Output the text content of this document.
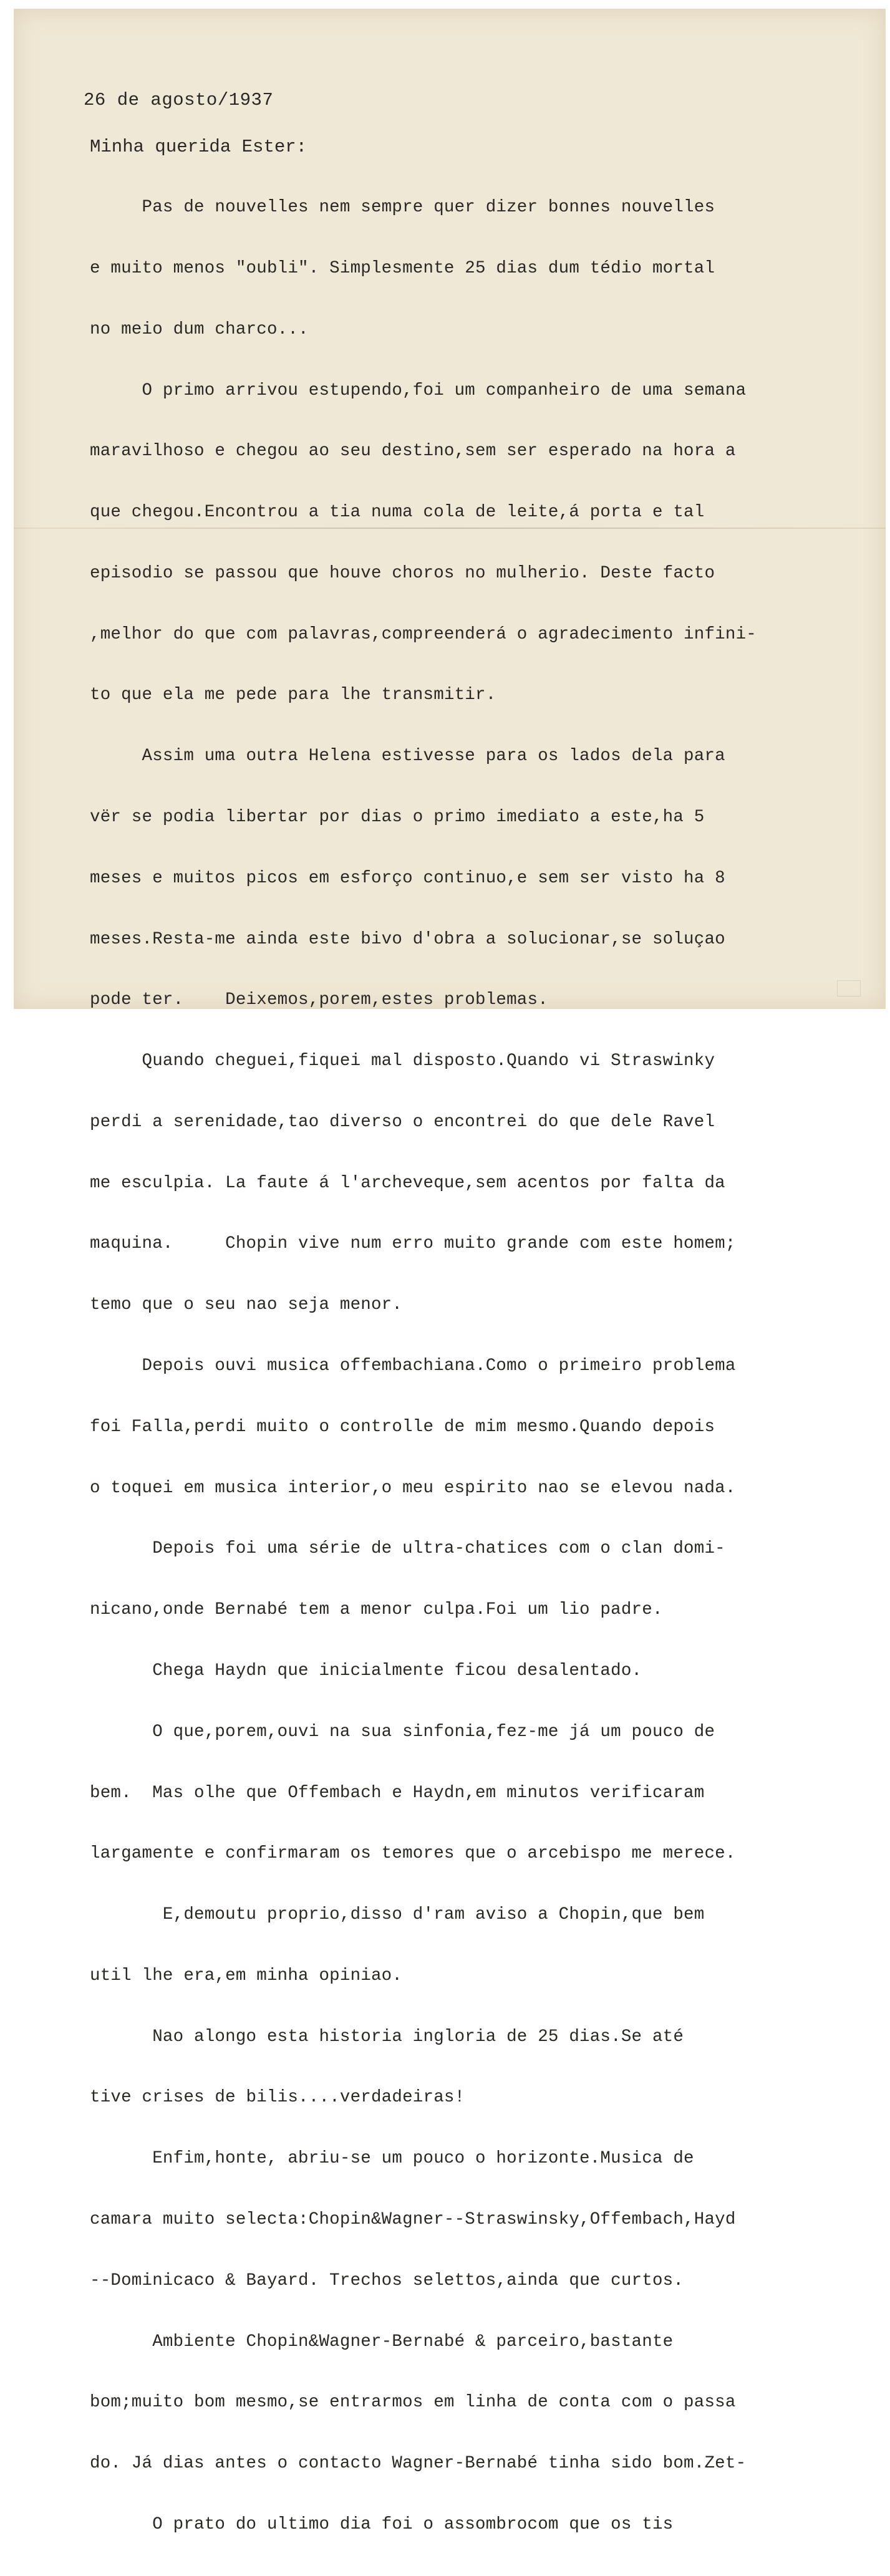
26 de agosto/1937
Minha querida Ester:

Pas de nouvelles nem sempre quer dizer bonnes nouvelles

e muito menos "oubli". Simplesmente 25 dias dum tédio mortal

no meio dum charco...

O primo arrivou estupendo,foi um companheiro de uma semana

maravilhoso e chegou ao seu destino,sem ser esperado na hora a

que chegou.Encontrou a tia numa cola de leite,á porta e tal

episodio se passou que houve choros no mulherio. Deste facto

,melhor do que com palavras,compreenderá o agradecimento infini-

to que ela me pede para lhe transmitir.

Assim uma outra Helena estivesse para os lados dela para

vër se podia libertar por dias o primo imediato a este,ha 5

meses e muitos picos em esforço continuo,e sem ser visto ha 8

meses.Resta-me ainda este bivo d'obra a solucionar,se soluçao

pode ter.    Deixemos,porem,estes problemas.

Quando cheguei,fiquei mal disposto.Quando vi Straswinky

perdi a serenidade,tao diverso o encontrei do que dele Ravel

me esculpia. La faute á l'archeveque,sem acentos por falta da

maquina.     Chopin vive num erro muito grande com este homem;

temo que o seu nao seja menor.

Depois ouvi musica offembachiana.Como o primeiro problema

foi Falla,perdi muito o controlle de mim mesmo.Quando depois

o toquei em musica interior,o meu espirito nao se elevou nada.

Depois foi uma série de ultra-chatices com o clan domi-

nicano,onde Bernabé tem a menor culpa.Foi um lio padre.

Chega Haydn que inicialmente ficou desalentado.

O que,porem,ouvi na sua sinfonia,fez-me já um pouco de

bem.  Mas olhe que Offembach e Haydn,em minutos verificaram

largamente e confirmaram os temores que o arcebispo me merece.

E,demoutu proprio,disso d'ram aviso a Chopin,que bem

util lhe era,em minha opiniao.

Nao alongo esta historia ingloria de 25 dias.Se até

tive crises de bilis....verdadeiras!

Enfim,honte, abriu-se um pouco o horizonte.Musica de

camara muito selecta:Chopin&Wagner--Straswinsky,Offembach,Hayd

--Dominicaco & Bayard. Trechos selettos,ainda que curtos.

Ambiente Chopin&Wagner-Bernabé & parceiro,bastante

bom;muito bom mesmo,se entrarmos em linha de conta com o passa

do. Já dias antes o contacto Wagner-Bernabé tinha sido bom.Zet-

O prato do ultimo dia foi o assombrocom que os tis
